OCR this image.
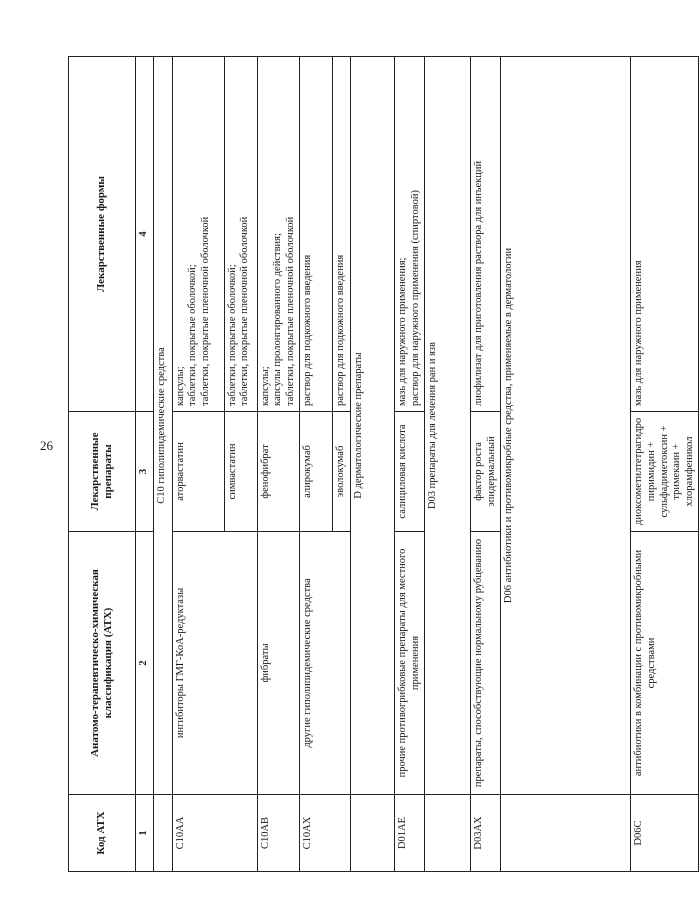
26
Код АТХ	Анатомо-терапевтическо-химическая классификация (АТХ)	Лекарственные препараты	Лекарственные формы
1	2	3	4
	C10 гиполипидемические средства		
C10AA	ингибиторы ГМГ-КоА-редуктазы	аторвастатин	капсулы; таблетки, покрытые оболочкой; таблетки, покрытые пленочной оболочкой

		симвастатин	таблетки, покрытые оболочкой; таблетки, покрытые пленочной оболочкой

C10AB	фибраты	фенофибрат	капсулы; капсулы пролонгированного действия; таблетки, покрытые пленочной оболочкой

C10AX	другие гиполипидемические средства	алирокумаб	раствор для подкожного введения

		эволокумаб	раствор для подкожного введения

	D дерматологические препараты		
D01AE	прочие противогрибковые препараты для местного применения	салициловая кислота	мазь для наружного применения; раствор для наружного применения (спиртовой)

	D03 препараты для лечения ран и язв		
D03AX	препараты, способствующие нормальному рубцеванию	фактор роста эпидермальный	лиофилизат для приготовления раствора для инъекций

	D06 антибиотики и противомикробные средства, применяемые в дерматологии		
D06C	антибиотики в комбинации с противомикробными средствами	диоксометилтетрагидро пиримидин + сульфадиметоксин + тримекаин + хлорамфеникол	мазь для наружного применения
